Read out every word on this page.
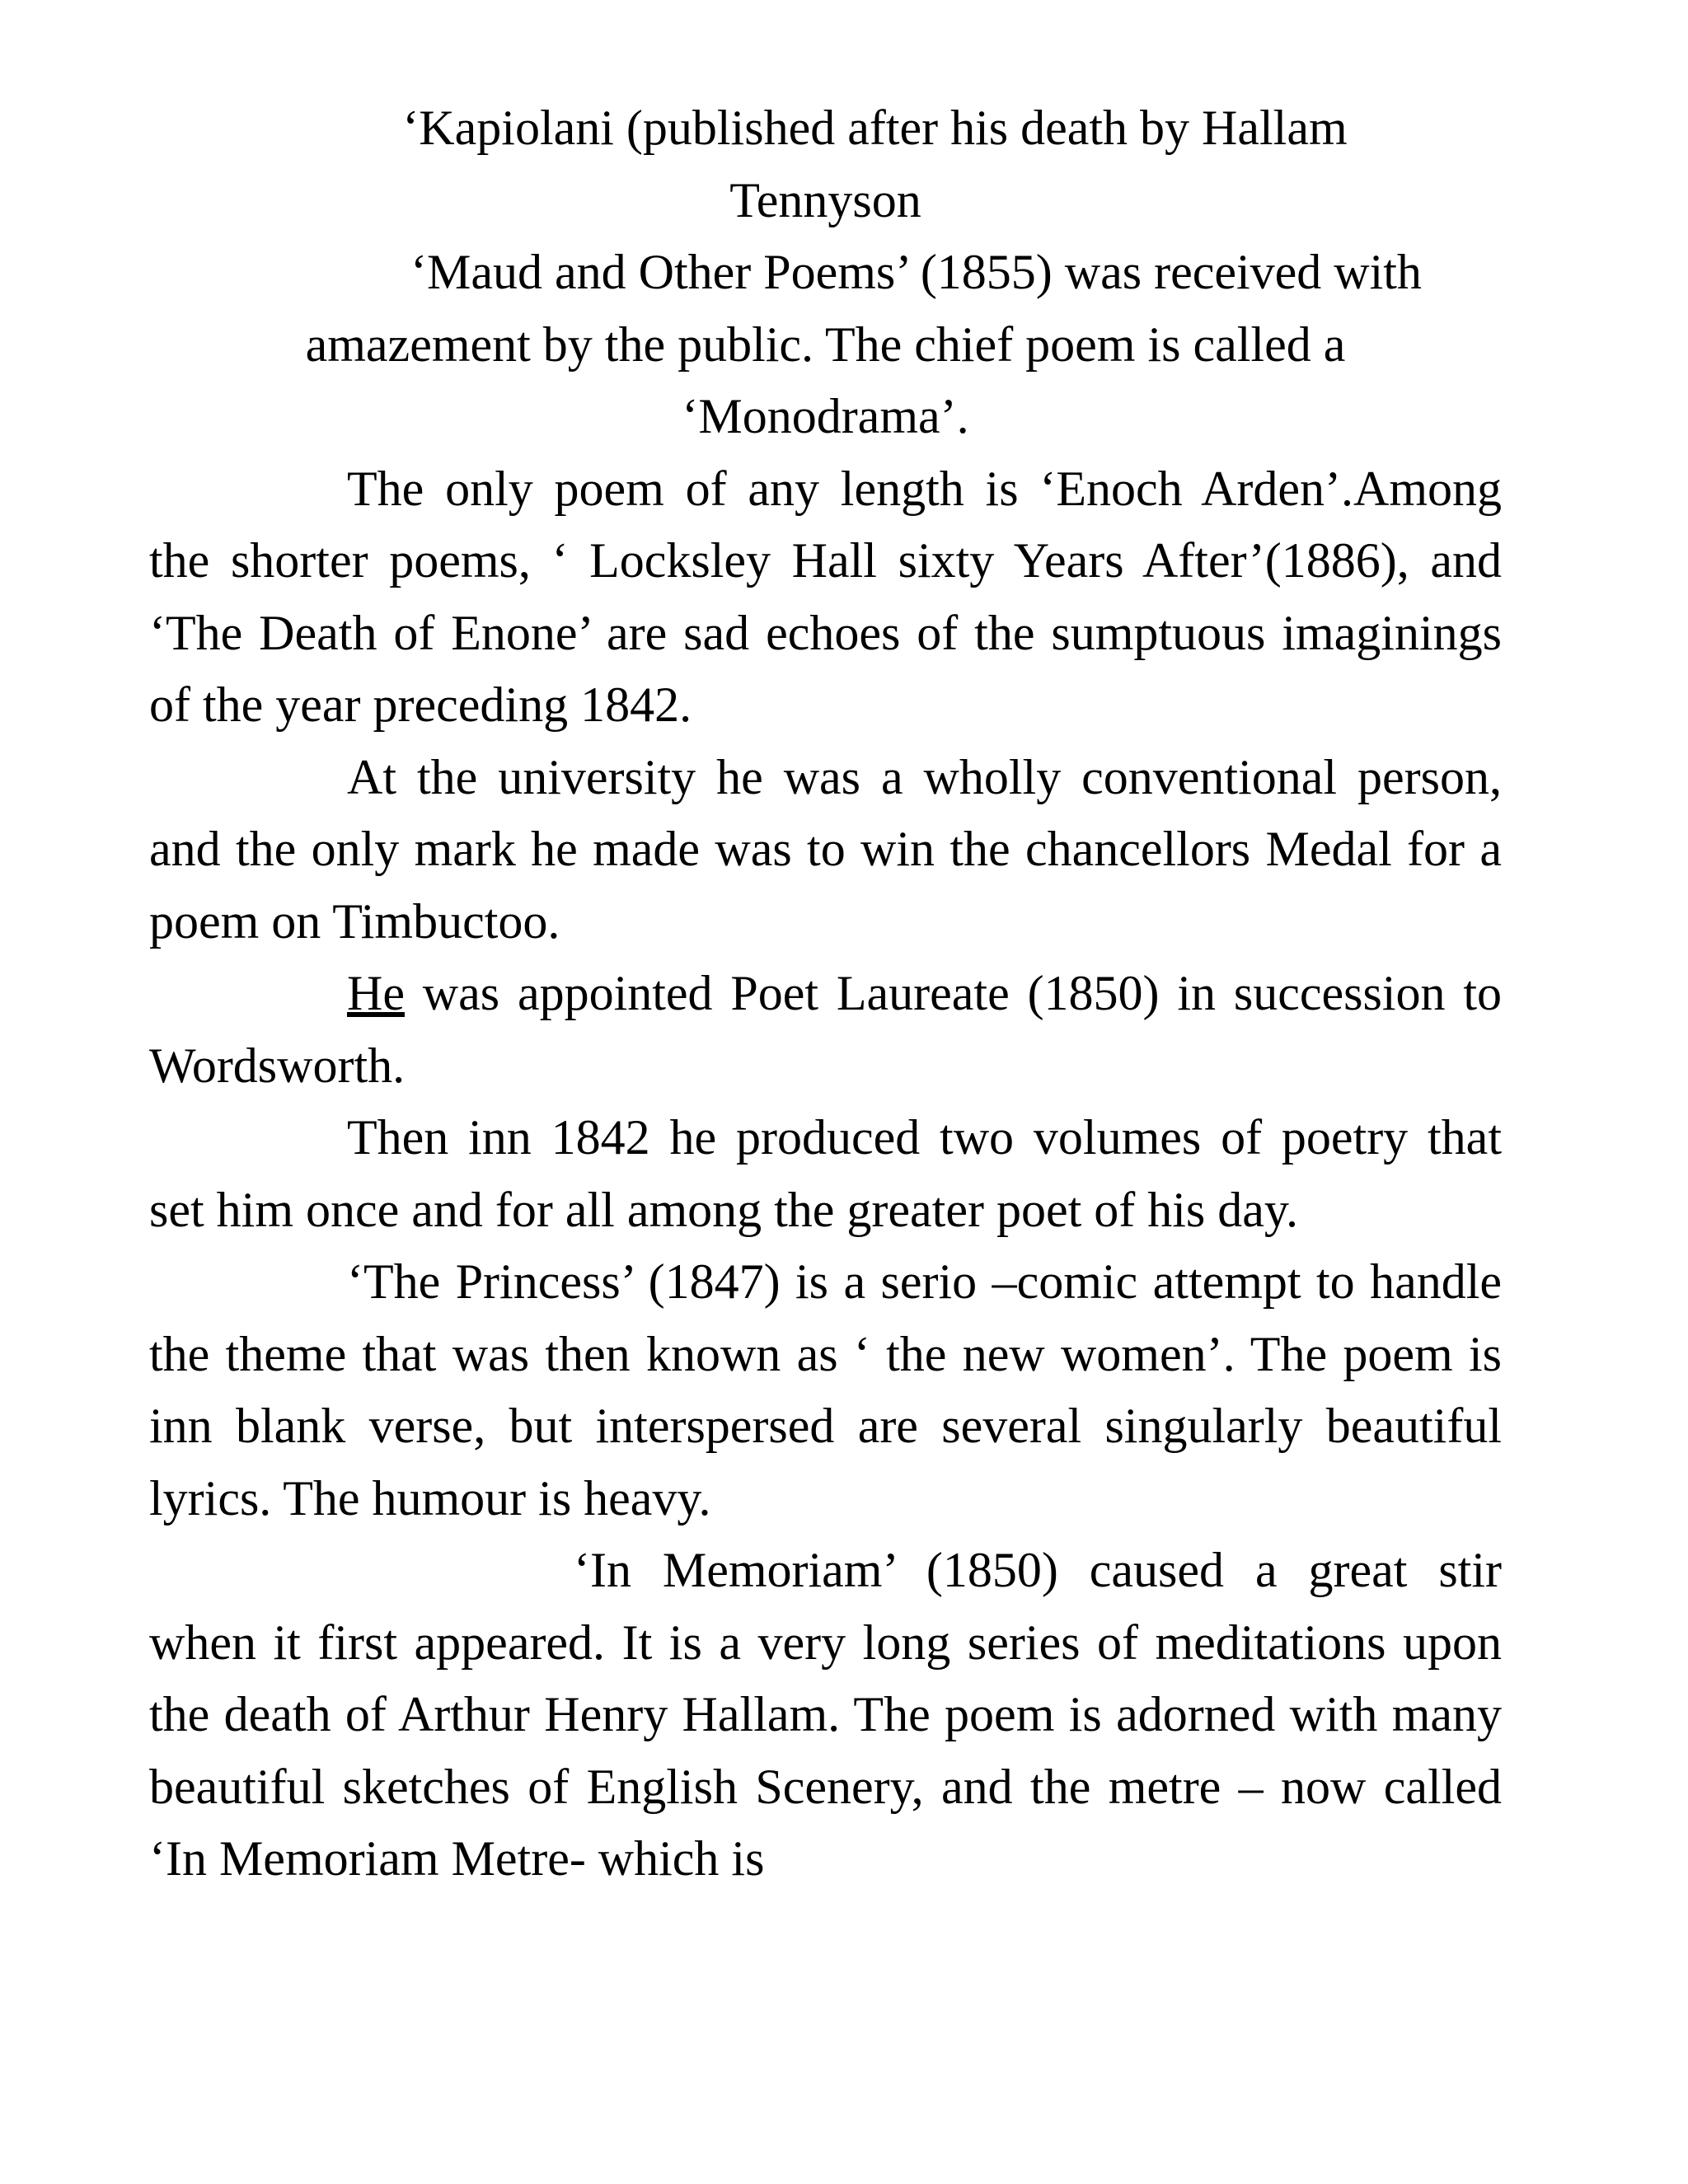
‘Kapiolani (published after his death by Hallam

Tennyson

‘Maud and Other Poems’ (1855) was received with

amazement by the public. The chief poem is called a

‘Monodrama’.

The only poem of any length is ‘Enoch Arden’.Among the shorter poems, ‘ Locksley Hall sixty Years After’(1886), and ‘The Death of Enone’ are sad echoes of the sumptuous imaginings of the year preceding 1842.

At the university he was a wholly conventional person, and the only mark he made was to win the chancellors Medal for a poem on Timbuctoo.

He was appointed Poet Laureate (1850) in succession to Wordsworth.

Then inn 1842 he produced two volumes of poetry that set him once and for all among the greater poet of his day.

‘The Princess’ (1847) is a serio –comic attempt to handle the theme that was then known as ‘ the new women’. The poem is inn blank verse, but interspersed are several singularly beautiful lyrics. The humour is heavy.

‘In Memoriam’ (1850) caused a great stir when it first appeared. It is a very long series of meditations upon the death of Arthur Henry Hallam. The poem is adorned with many beautiful sketches of English Scenery, and the metre – now called ‘In Memoriam Metre- which is
